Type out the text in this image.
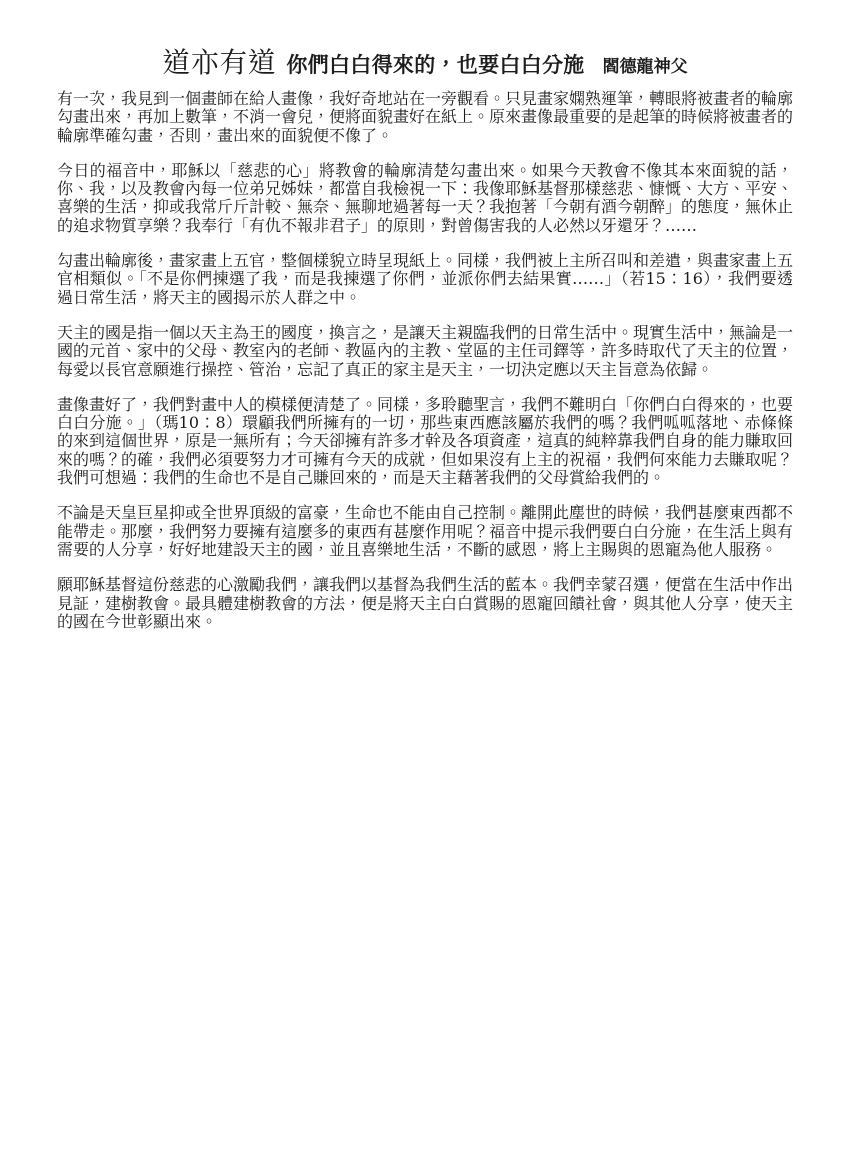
道亦有道 你們白白得來的，也要白白分施 閻德龍神父

有一次，我見到一個畫師在給人畫像，我好奇地站在一旁觀看。只見畫家嫻熟運筆，轉眼將被畫者的輪廓勾畫出來，再加上數筆，不消一會兒，便將面貌畫好在紙上。原來畫像最重要的是起筆的時候將被畫者的輪廓準確勾畫，否則，畫出來的面貌便不像了。

今日的福音中，耶穌以「慈悲的心」將教會的輪廓清楚勾畫出來。如果今天教會不像其本來面貌的話，你、我，以及教會內每一位弟兄姊妹，都當自我檢視一下：我像耶穌基督那樣慈悲、慷慨、大方、平安、喜樂的生活，抑或我常斤斤計較、無奈、無聊地過著每一天？我抱著「今朝有酒今朝醉」的態度，無休止的追求物質享樂？我奉行「有仇不報非君子」的原則，對曾傷害我的人必然以牙還牙？……

勾畫出輪廓後，畫家畫上五官，整個樣貌立時呈現紙上。同樣，我們被上主所召叫和差遣，與畫家畫上五官相類似。「不是你們揀選了我，而是我揀選了你們，並派你們去結果實……」（若15：16），我們要透過日常生活，將天主的國揭示於人群之中。

天主的國是指一個以天主為王的國度，換言之，是讓天主親臨我們的日常生活中。現實生活中，無論是一國的元首、家中的父母、教室內的老師、教區內的主教、堂區的主任司鐸等，許多時取代了天主的位置，每愛以長官意願進行操控、管治，忘記了真正的家主是天主，一切決定應以天主旨意為依歸。

畫像畫好了，我們對畫中人的模樣便清楚了。同樣，多聆聽聖言，我們不難明白「你們白白得來的，也要白白分施。」（瑪10：8）環顧我們所擁有的一切，那些東西應該屬於我們的嗎？我們呱呱落地、赤條條的來到這個世界，原是一無所有；今天卻擁有許多才幹及各項資產，這真的純粹靠我們自身的能力賺取回來的嗎？的確，我們必須要努力才可擁有今天的成就，但如果沒有上主的祝福，我們何來能力去賺取呢？我們可想過：我們的生命也不是自己賺回來的，而是天主藉著我們的父母賞給我們的。

不論是天皇巨星抑或全世界頂級的富豪，生命也不能由自己控制。離開此塵世的時候，我們甚麼東西都不能帶走。那麼，我們努力要擁有這麼多的東西有甚麼作用呢？福音中提示我們要白白分施，在生活上與有需要的人分享，好好地建設天主的國，並且喜樂地生活，不斷的感恩，將上主賜與的恩寵為他人服務。

願耶穌基督這份慈悲的心激勵我們，讓我們以基督為我們生活的藍本。我們幸蒙召選，便當在生活中作出見証，建樹教會。最具體建樹教會的方法，便是將天主白白賞賜的恩寵回饋社會，與其他人分享，使天主的國在今世彰顯出來。
